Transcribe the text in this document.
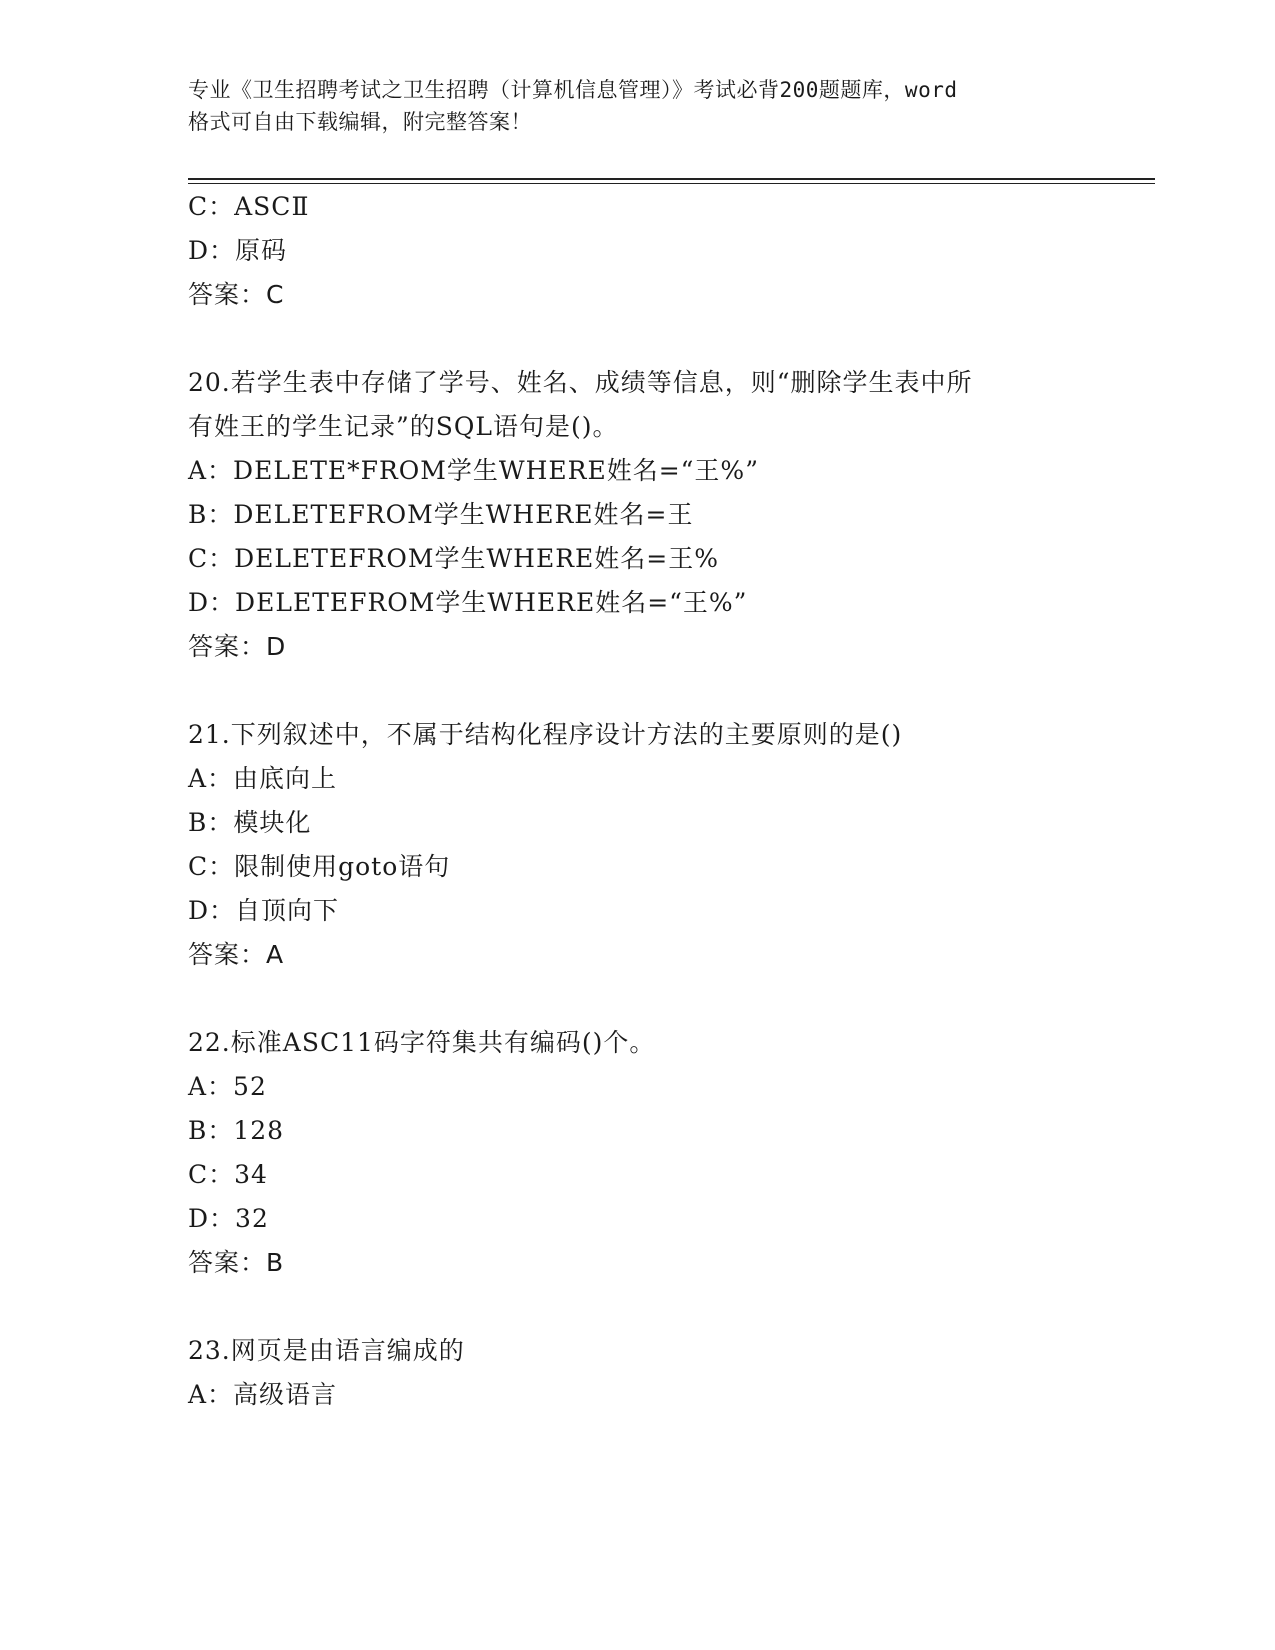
专业《卫生招聘考试之卫生招聘（计算机信息管理）》考试必背200题题库，word
格式可自由下载编辑，附完整答案！
C：ASCⅡ
D：原码
答案：C
20.若学生表中存储了学号、姓名、成绩等信息，则“删除学生表中所
有姓王的学生记录”的SQL语句是()。
A：DELETE*FROM学生WHERE姓名=“王%”
B：DELETEFROM学生WHERE姓名=王
C：DELETEFROM学生WHERE姓名=王%
D：DELETEFROM学生WHERE姓名=“王%”
答案：D
21.下列叙述中，不属于结构化程序设计方法的主要原则的是()
A：由底向上
B：模块化
C：限制使用goto语句
D：自顶向下
答案：A
22.标准ASC11码字符集共有编码()个。
A：52
B：128
C：34
D：32
答案：B
23.网页是由语言编成的
A：高级语言
